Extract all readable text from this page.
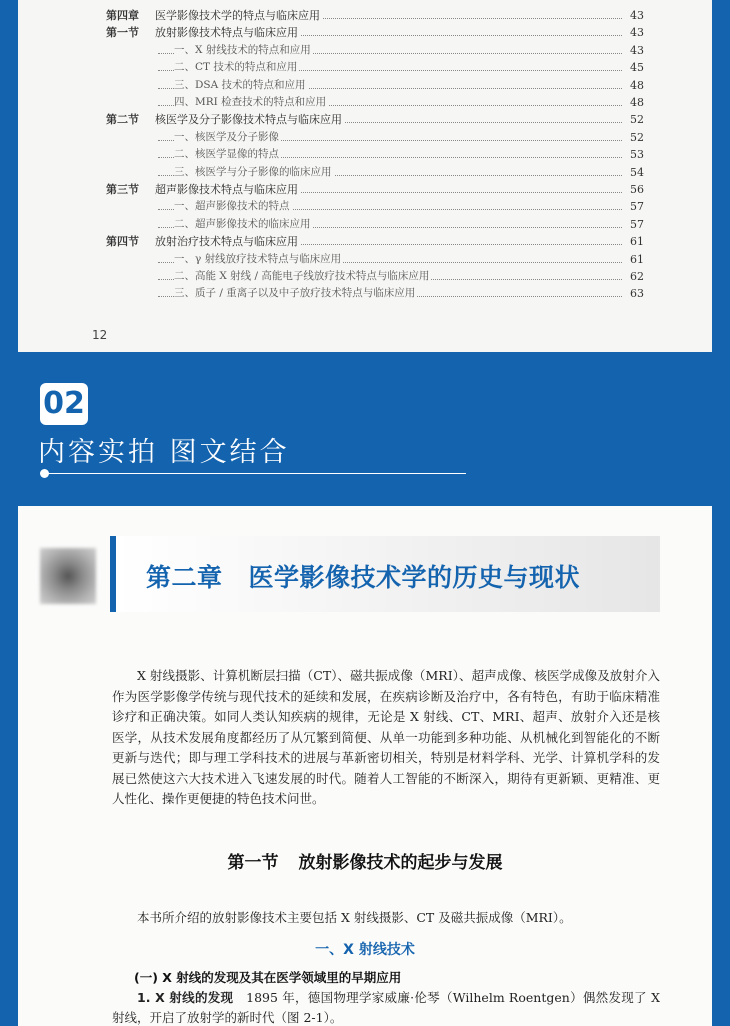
第四章 医学影像技术学的特点与临床应用	43
第一节 放射影像技术特点与临床应用	43
一、X 射线技术的特点和应用	43
二、CT 技术的特点和应用	45
三、DSA 技术的特点和应用	48
四、MRI 检查技术的特点和应用	48
第二节 核医学及分子影像技术特点与临床应用	52
一、核医学及分子影像	52
二、核医学显像的特点	53
三、核医学与分子影像的临床应用	54
第三节 超声影像技术特点与临床应用	56
一、超声影像技术的特点	57
二、超声影像技术的临床应用	57
第四节 放射治疗技术特点与临床应用	61
一、γ 射线放疗技术特点与临床应用	61
二、高能 X 射线 / 高能电子线放疗技术特点与临床应用	62
三、质子 / 重离子以及中子放疗技术特点与临床应用	63
12
02
内容实拍 图文结合
第二章 医学影像技术学的历史与现状

X 射线摄影、计算机断层扫描（CT）、磁共振成像（MRI）、超声成像、核医学成像及放射介入作为医学影像学传统与现代技术的延续和发展，在疾病诊断及治疗中，各有特色，有助于临床精准诊疗和正确决策。如同人类认知疾病的规律，无论是 X 射线、CT、MRI、超声、放射介入还是核医学，从技术发展角度都经历了从冗繁到简便、从单一功能到多种功能、从机械化到智能化的不断更新与迭代；即与理工学科技术的进展与革新密切相关，特别是材料学科、光学、计算机学科的发展已然使这六大技术进入飞速发展的时代。随着人工智能的不断深入，期待有更新颖、更精准、更人性化、操作更便捷的特色技术问世。

第一节 放射影像技术的起步与发展

本书所介绍的放射影像技术主要包括 X 射线摄影、CT 及磁共振成像（MRI）。

一、X 射线技术
(一) X 射线的发现及其在医学领域里的早期应用

1. X 射线的发现　1895 年，德国物理学家威廉·伦琴（Wilhelm Roentgen）偶然发现了 X 射线，开启了放射学的新时代（图 2-1）。
